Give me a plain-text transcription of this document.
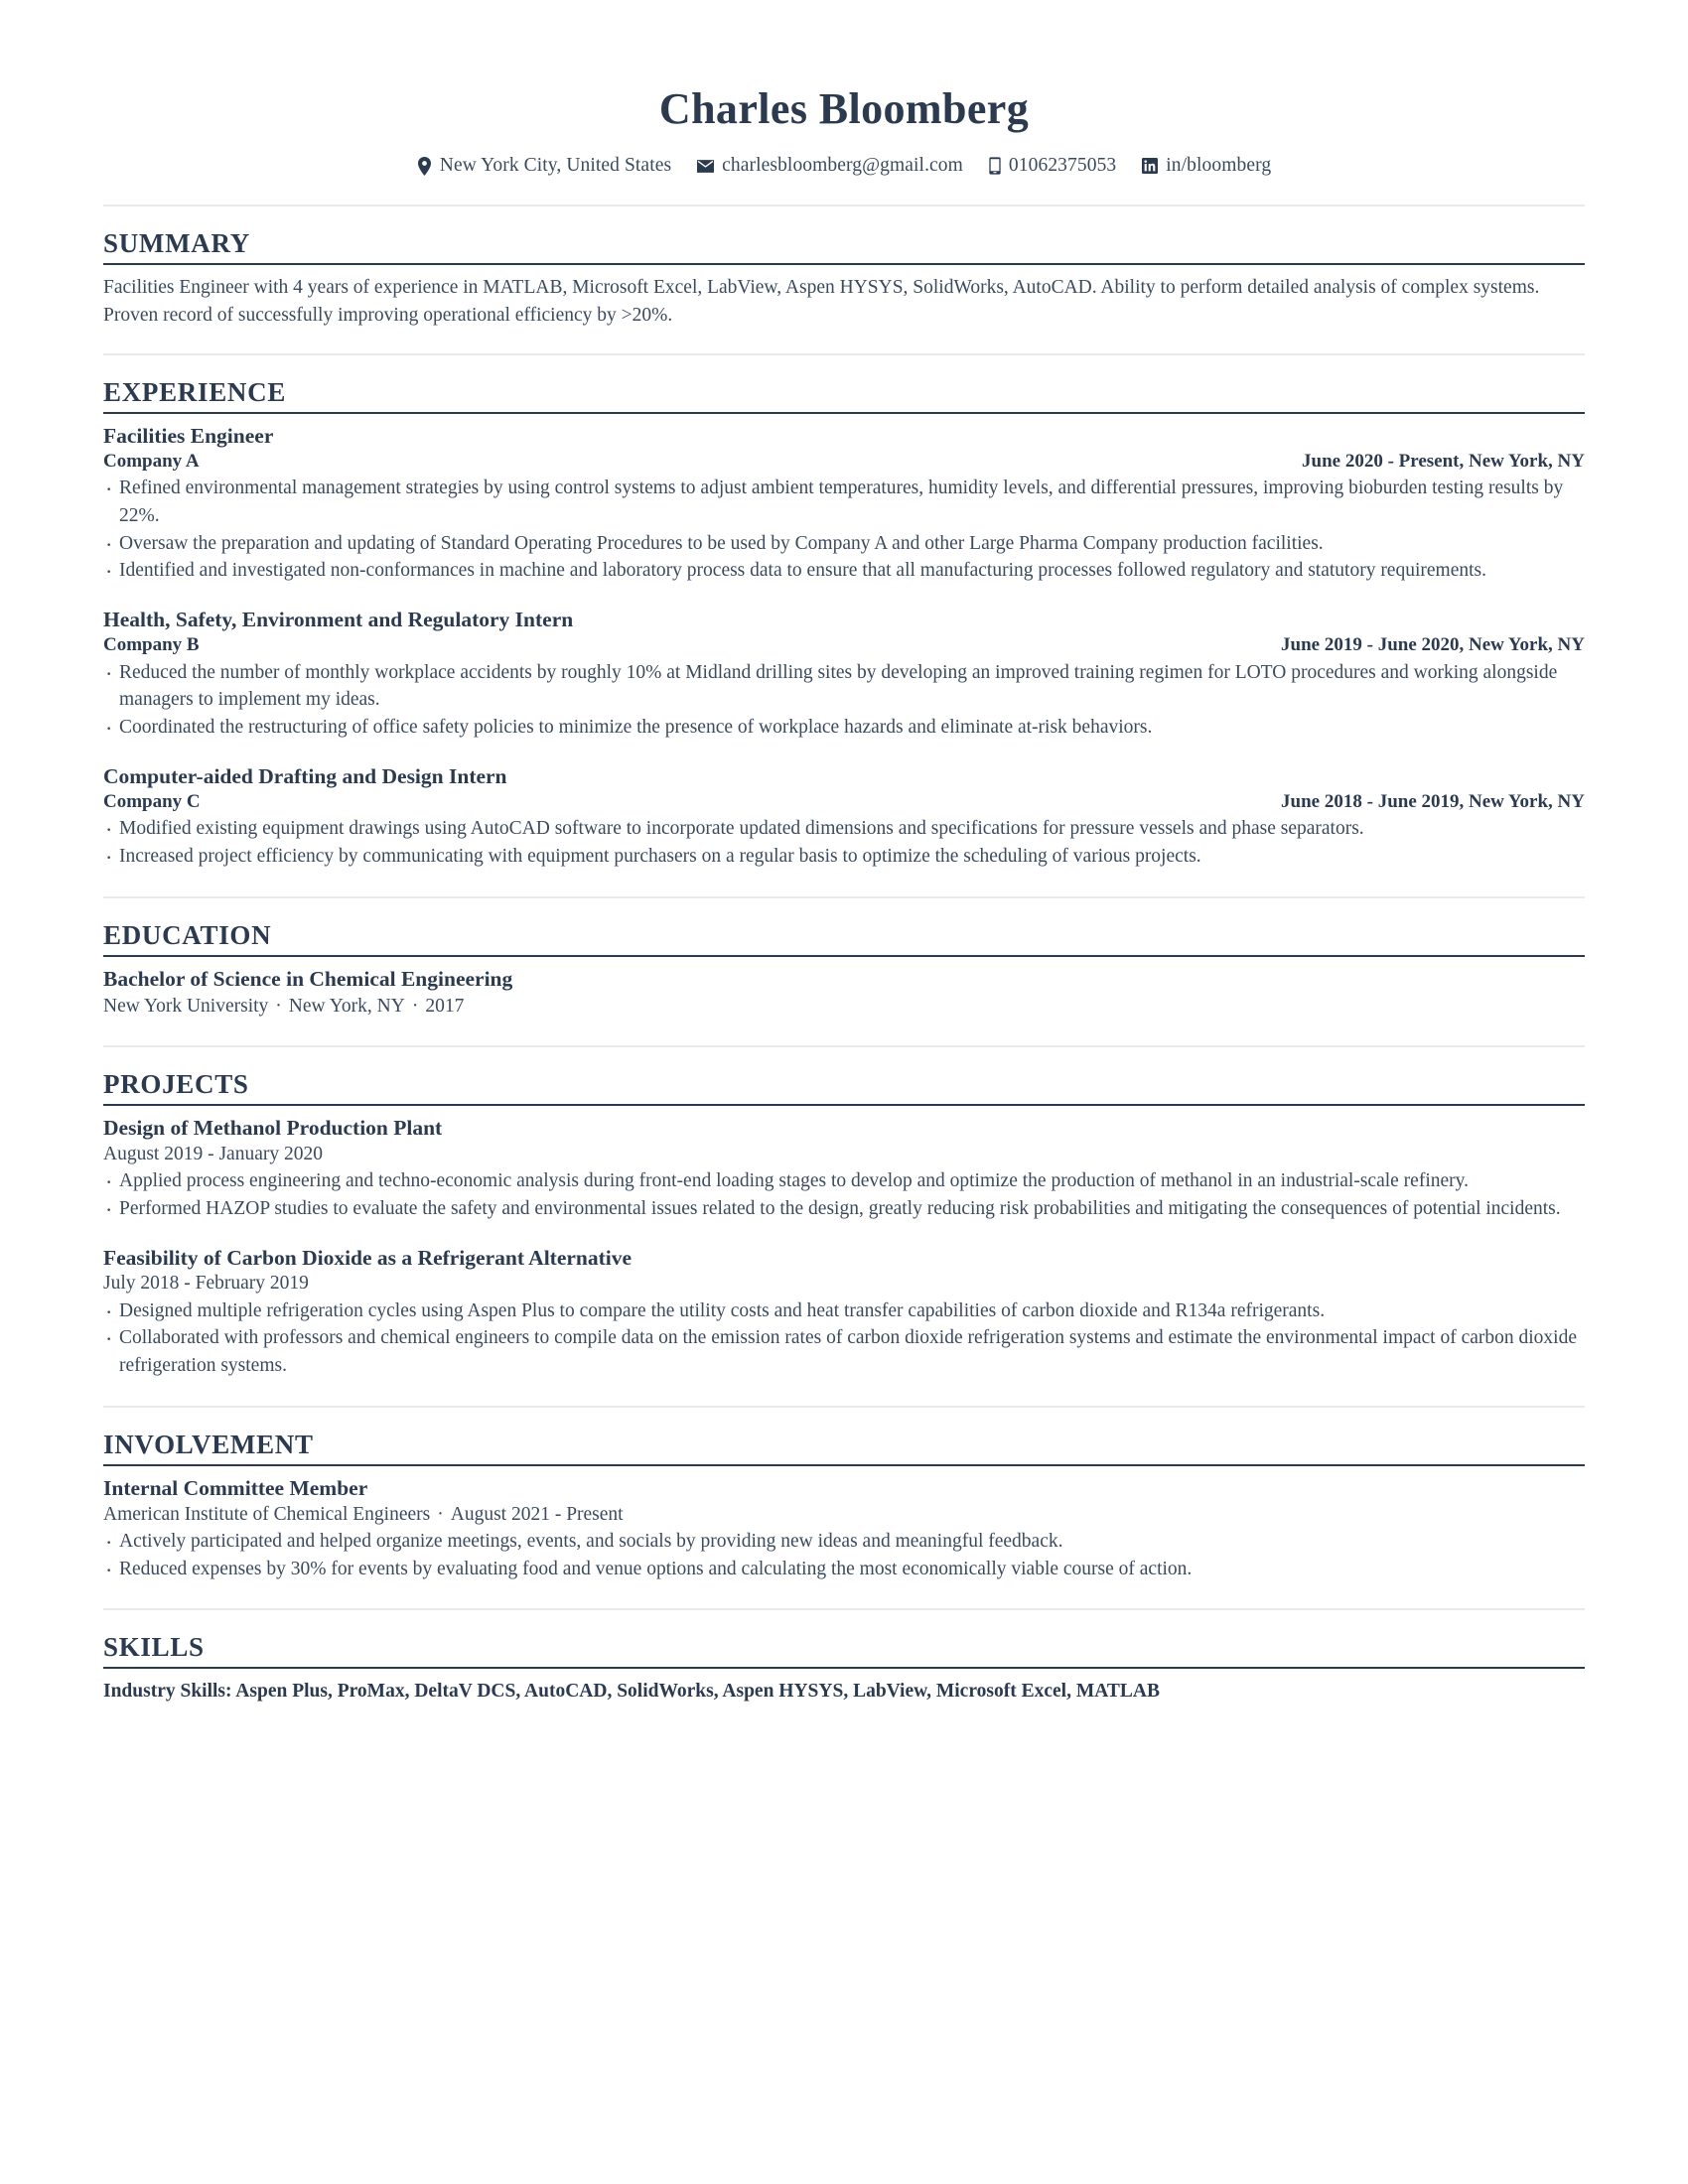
Charles Bloomberg
New York City, United States	charlesbloomberg@gmail.com 01062375053	in/bloomberg
SUMMARY

Facilities Engineer with 4 years of experience in MATLAB, Microsoft Excel, LabView, Aspen HYSYS, SolidWorks, AutoCAD. Ability to perform detailed analysis of complex systems. Proven record of successfully improving operational efficiency by >20%.

EXPERIENCE
Facilities Engineer
Company A	June 2020 - Present, New York, NY
· Refined environmental management strategies by using control systems to adjust ambient temperatures, humidity levels, and differential pressures, improving bioburden testing results by 22%.
· Oversaw the preparation and updating of Standard Operating Procedures to be used by Company A and other Large Pharma Company production facilities.
· Identified and investigated non-conformances in machine and laboratory process data to ensure that all manufacturing processes followed regulatory and statutory requirements.
Health, Safety, Environment and Regulatory Intern
Company B	June 2019 - June 2020, New York, NY
· Reduced the number of monthly workplace accidents by roughly 10% at Midland drilling sites by developing an improved training regimen for LOTO procedures and working alongside managers to implement my ideas.
· Coordinated the restructuring of office safety policies to minimize the presence of workplace hazards and eliminate at-risk behaviors.
Computer-aided Drafting and Design Intern
Company C	June 2018 - June 2019, New York, NY
· Modified existing equipment drawings using AutoCAD software to incorporate updated dimensions and specifications for pressure vessels and phase separators.
· Increased project efficiency by communicating with equipment purchasers on a regular basis to optimize the scheduling of various projects.
EDUCATION
Bachelor of Science in Chemical Engineering

New York University · New York, NY · 2017

PROJECTS
Design of Methanol Production Plant

August 2019 - January 2020

· Applied process engineering and techno-economic analysis during front-end loading stages to develop and optimize the production of methanol in an industrial-scale refinery.
· Performed HAZOP studies to evaluate the safety and environmental issues related to the design, greatly reducing risk probabilities and mitigating the consequences of potential incidents.
Feasibility of Carbon Dioxide as a Refrigerant Alternative

July 2018 - February 2019

· Designed multiple refrigeration cycles using Aspen Plus to compare the utility costs and heat transfer capabilities of carbon dioxide and R134a refrigerants.
· Collaborated with professors and chemical engineers to compile data on the emission rates of carbon dioxide refrigeration systems and estimate the environmental impact of carbon dioxide refrigeration systems.
INVOLVEMENT
Internal Committee Member

American Institute of Chemical Engineers · August 2021 - Present

· Actively participated and helped organize meetings, events, and socials by providing new ideas and meaningful feedback.
· Reduced expenses by 30% for events by evaluating food and venue options and calculating the most economically viable course of action.
SKILLS

Industry Skills: Aspen Plus, ProMax, DeltaV DCS, AutoCAD, SolidWorks, Aspen HYSYS, LabView, Microsoft Excel, MATLAB
